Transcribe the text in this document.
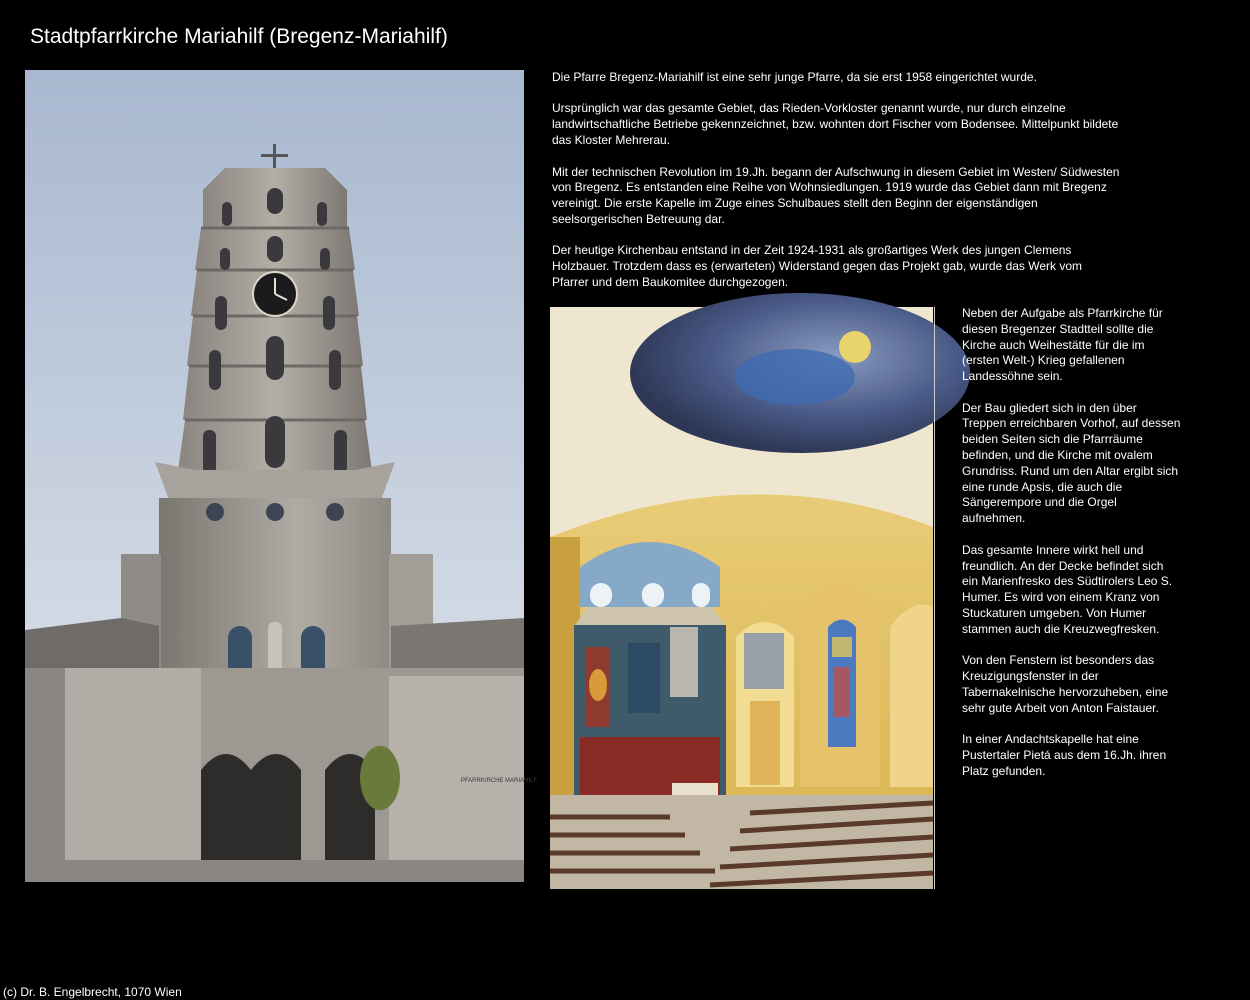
Stadtpfarrkirche Mariahilf (Bregenz-Mariahilf)
PFARRKIRCHE MARIAHILF

Die Pfarre Bregenz-Mariahilf ist eine sehr junge Pfarre, da sie erst 1958 eingerichtet wurde.

Ursprünglich war das gesamte Gebiet, das Rieden-Vorkloster genannt wurde, nur durch einzelne landwirtschaftliche Betriebe gekennzeichnet, bzw. wohnten dort Fischer vom Bodensee. Mittelpunkt bildete das Kloster Mehrerau.

Mit der technischen Revolution im 19.Jh. begann der Aufschwung in diesem Gebiet im Westen/ Südwesten von Bregenz. Es entstanden eine Reihe von Wohnsiedlungen. 1919 wurde das Gebiet dann mit Bregenz vereinigt. Die erste Kapelle im Zuge eines Schulbaues stellt den Beginn der eigenständigen seelsorgerischen Betreuung dar.

Der heutige Kirchenbau entstand in der Zeit 1924-1931 als großartiges Werk des jungen Clemens Holzbauer. Trotzdem dass es (erwarteten) Widerstand gegen das Projekt gab, wurde das Werk vom Pfarrer und dem Baukomitee durchgezogen.

Neben der Aufgabe als Pfarrkirche für diesen Bregenzer Stadtteil sollte die Kirche auch Weihestätte für die im (ersten Welt-) Krieg gefallenen Landessöhne sein.

Der Bau gliedert sich in den über Treppen erreichbaren Vorhof, auf dessen beiden Seiten sich die Pfarrräume befinden, und die Kirche mit ovalem Grundriss. Rund um den Altar ergibt sich eine runde Apsis, die auch die Sängerempore und die Orgel aufnehmen.

Das gesamte Innere wirkt hell und freundlich. An der Decke befindet sich ein Marienfresko des Südtirolers Leo S. Humer. Es wird von einem Kranz von Stuckaturen umgeben. Von Humer stammen auch die Kreuzwegfresken.

Von den Fenstern ist besonders das Kreuzigungsfenster in der Tabernakelnische hervorzuheben, eine sehr gute Arbeit von Anton Faistauer.

In einer Andachtskapelle hat eine Pustertaler Pietá aus dem 16.Jh. ihren Platz gefunden.

(c) Dr. B. Engelbrecht, 1070 Wien
